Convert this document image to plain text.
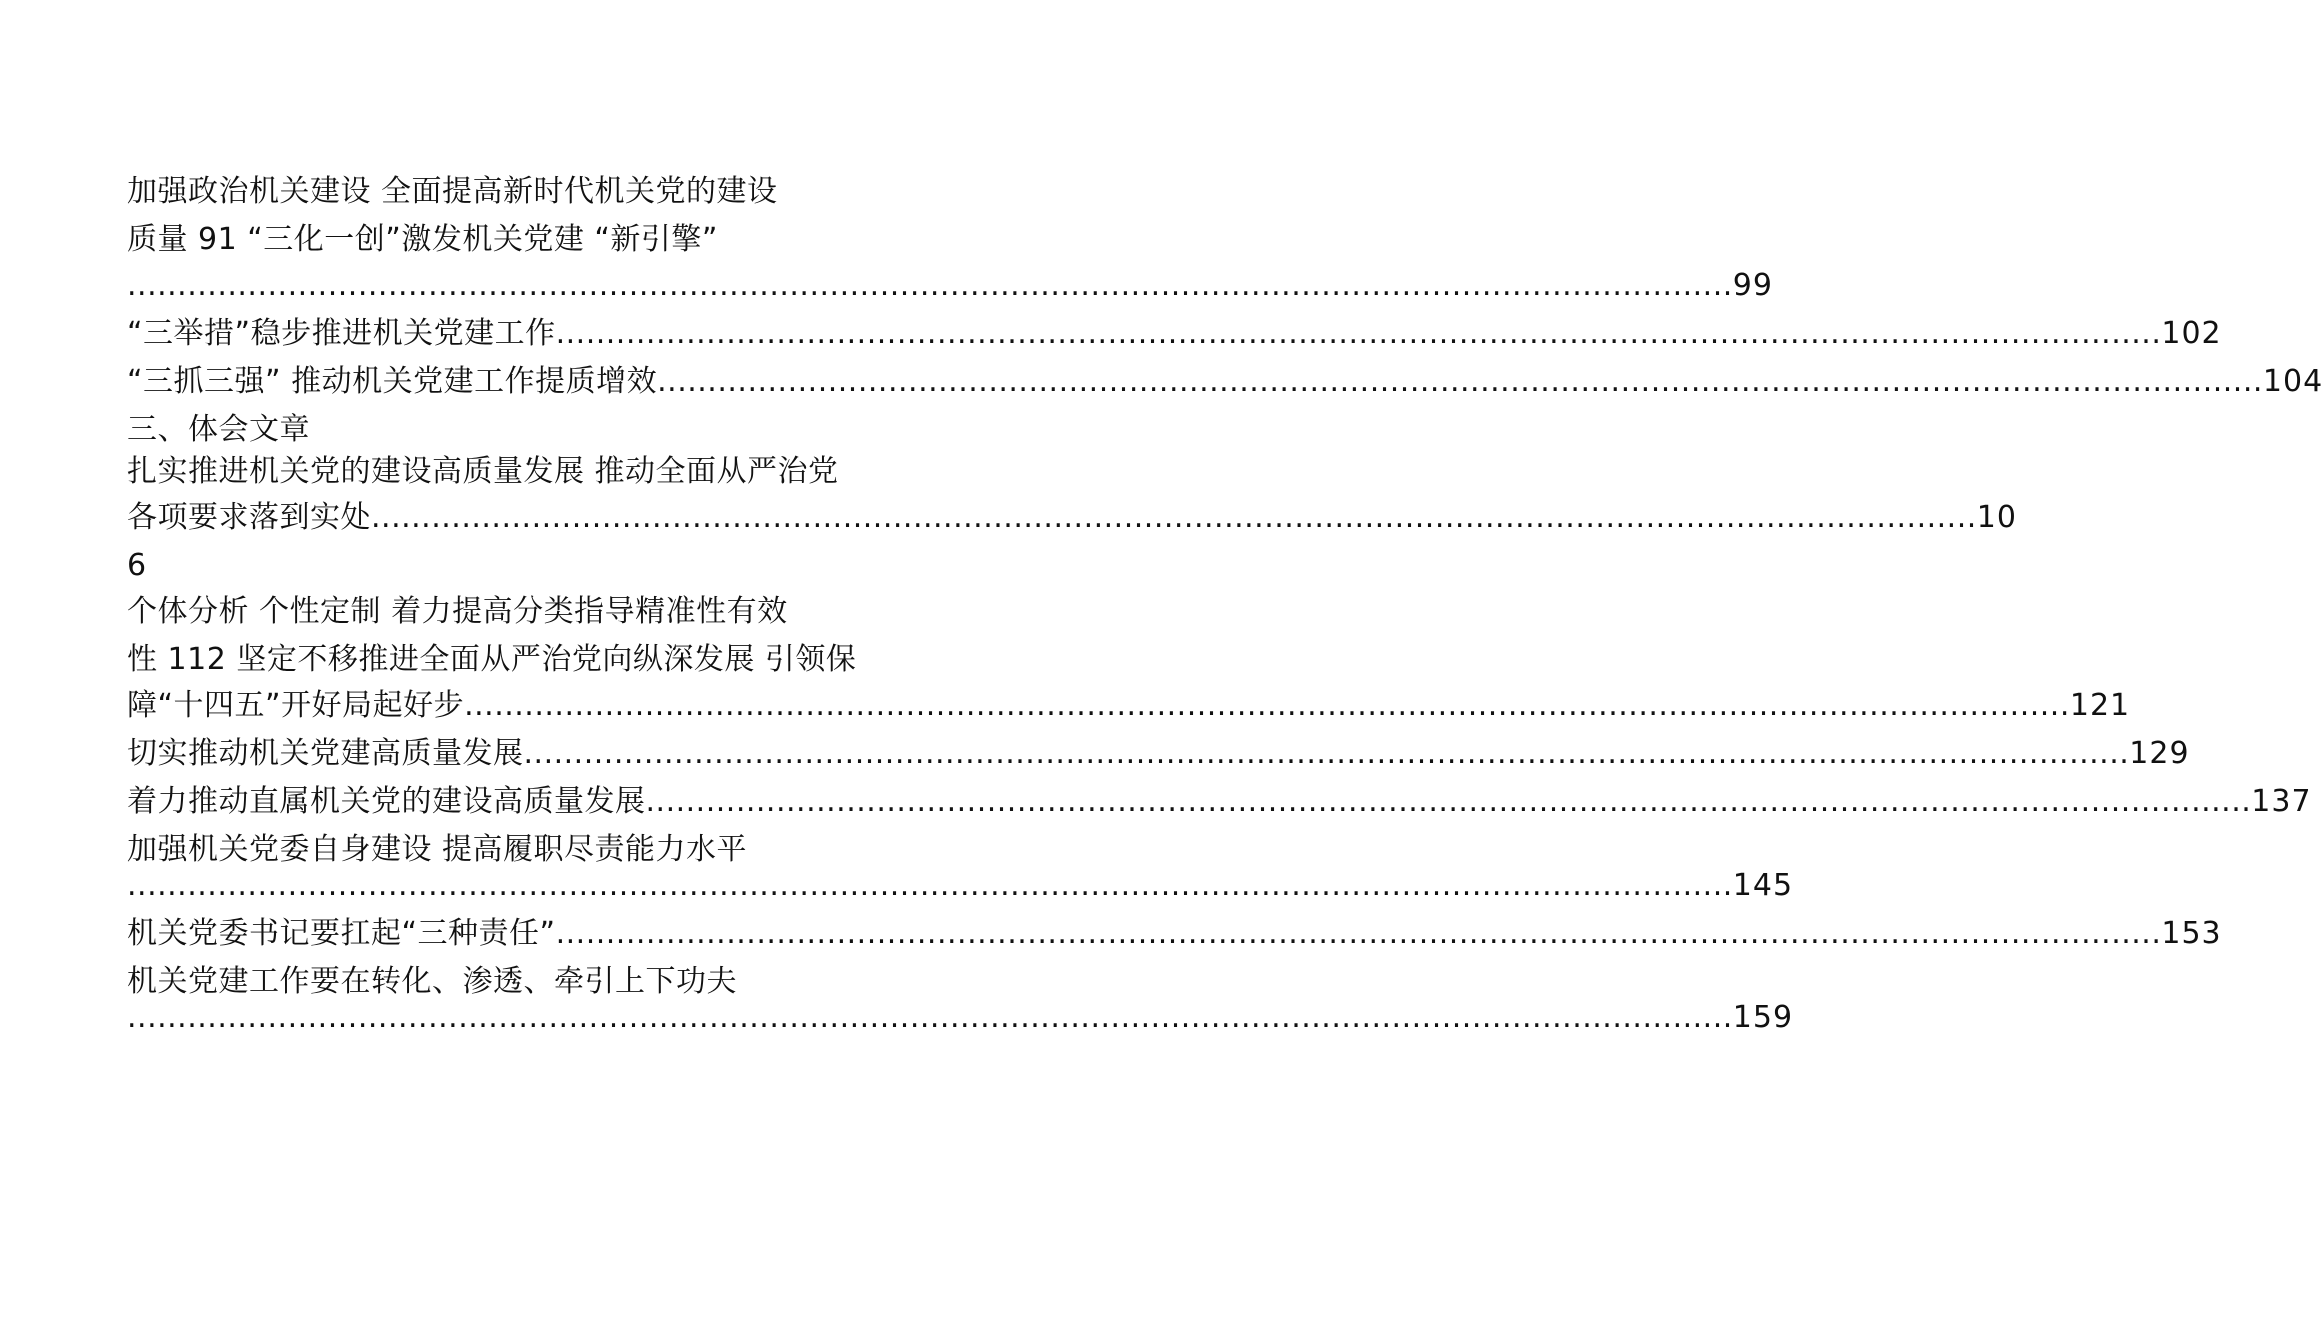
加强政治机关建设 全面提高新时代机关党的建设
质量 91 “三化一创”激发机关党建 “新引擎”
................................................................................................................................................................ 99
“三举措”稳步推进机关党建工作 ................................................................................................................................................................ 102
“三抓三强” 推动机关党建工作提质增效 ................................................................................................................................................................ 104
三、体会文章
扎实推进机关党的建设高质量发展 推动全面从严治党
各项要求落到实处 ................................................................................................................................................................ 10
6
个体分析 个性定制 着力提高分类指导精准性有效
性 112 坚定不移推进全面从严治党向纵深发展 引领保
障“十四五”开好局起好步 ................................................................................................................................................................ 121
切实推动机关党建高质量发展 ................................................................................................................................................................ 129
着力推动直属机关党的建设高质量发展 ................................................................................................................................................................ 137
加强机关党委自身建设 提高履职尽责能力水平
................................................................................................................................................................ 145
机关党委书记要扛起“三种责任” ................................................................................................................................................................ 153
机关党建工作要在转化、渗透、牵引上下功夫
................................................................................................................................................................ 159
